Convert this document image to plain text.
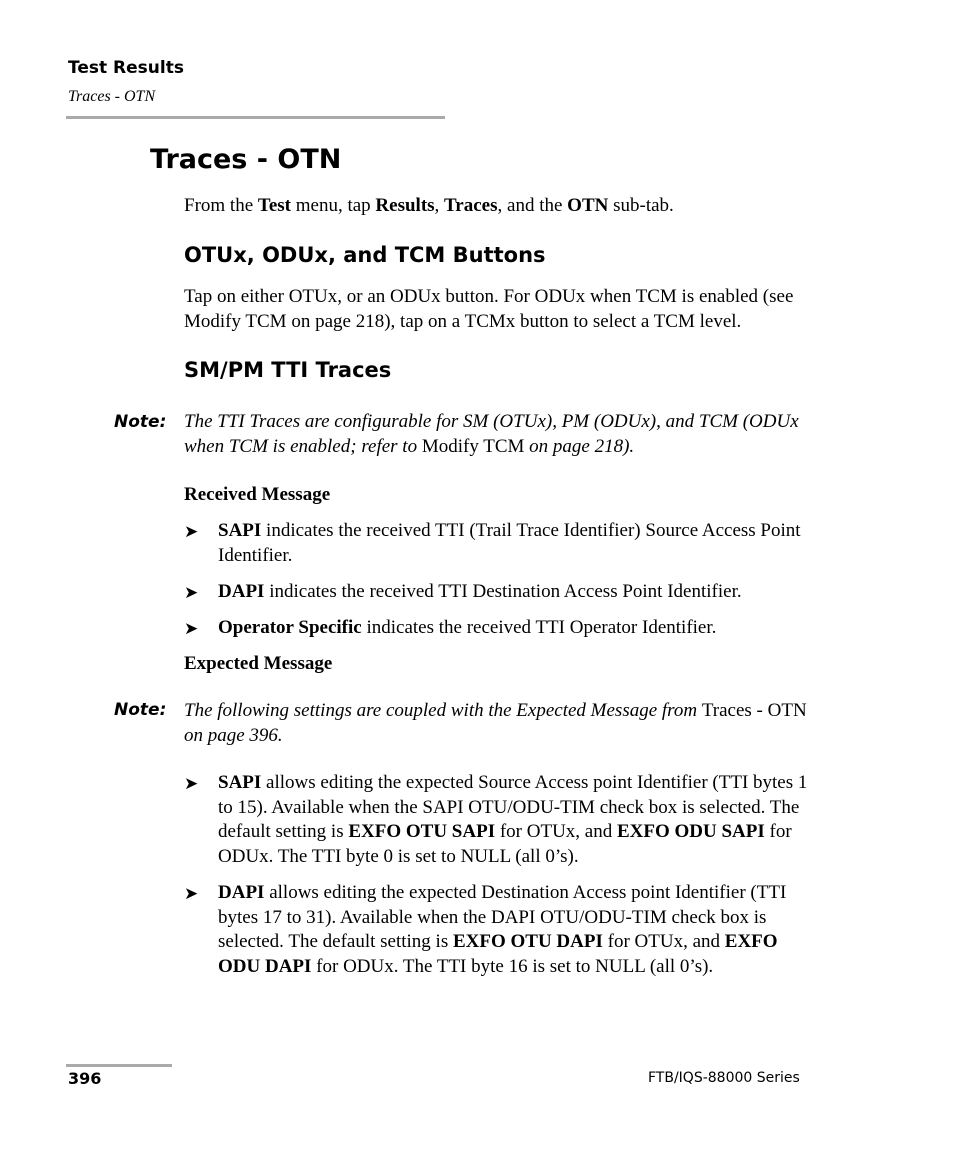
Test Results
Traces - OTN
Traces - OTN
From the Test menu, tap Results, Traces, and the OTN sub-tab.
OTUx, ODUx, and TCM Buttons
Tap on either OTUx, or an ODUx button. For ODUx when TCM is enabled (see Modify TCM on page 218), tap on a TCMx button to select a TCM level.
SM/PM TTI Traces
Note: The TTI Traces are configurable for SM (OTUx), PM (ODUx), and TCM (ODUx when TCM is enabled; refer to Modify TCM on page 218).
Received Message
➤ SAPI indicates the received TTI (Trail Trace Identifier) Source Access Point Identifier.
➤ DAPI indicates the received TTI Destination Access Point Identifier.
➤ Operator Specific indicates the received TTI Operator Identifier.
Expected Message
Note: The following settings are coupled with the Expected Message from Traces - OTN on page 396.
➤ SAPI allows editing the expected Source Access point Identifier (TTI bytes 1 to 15). Available when the SAPI OTU/ODU-TIM check box is selected. The default setting is EXFO OTU SAPI for OTUx, and EXFO ODU SAPI for ODUx. The TTI byte 0 is set to NULL (all 0’s).
➤ DAPI allows editing the expected Destination Access point Identifier (TTI bytes 17 to 31). Available when the DAPI OTU/ODU-TIM check box is selected. The default setting is EXFO OTU DAPI for OTUx, and EXFO ODU DAPI for ODUx. The TTI byte 16 is set to NULL (all 0’s).
396	FTB/IQS-88000 Series
